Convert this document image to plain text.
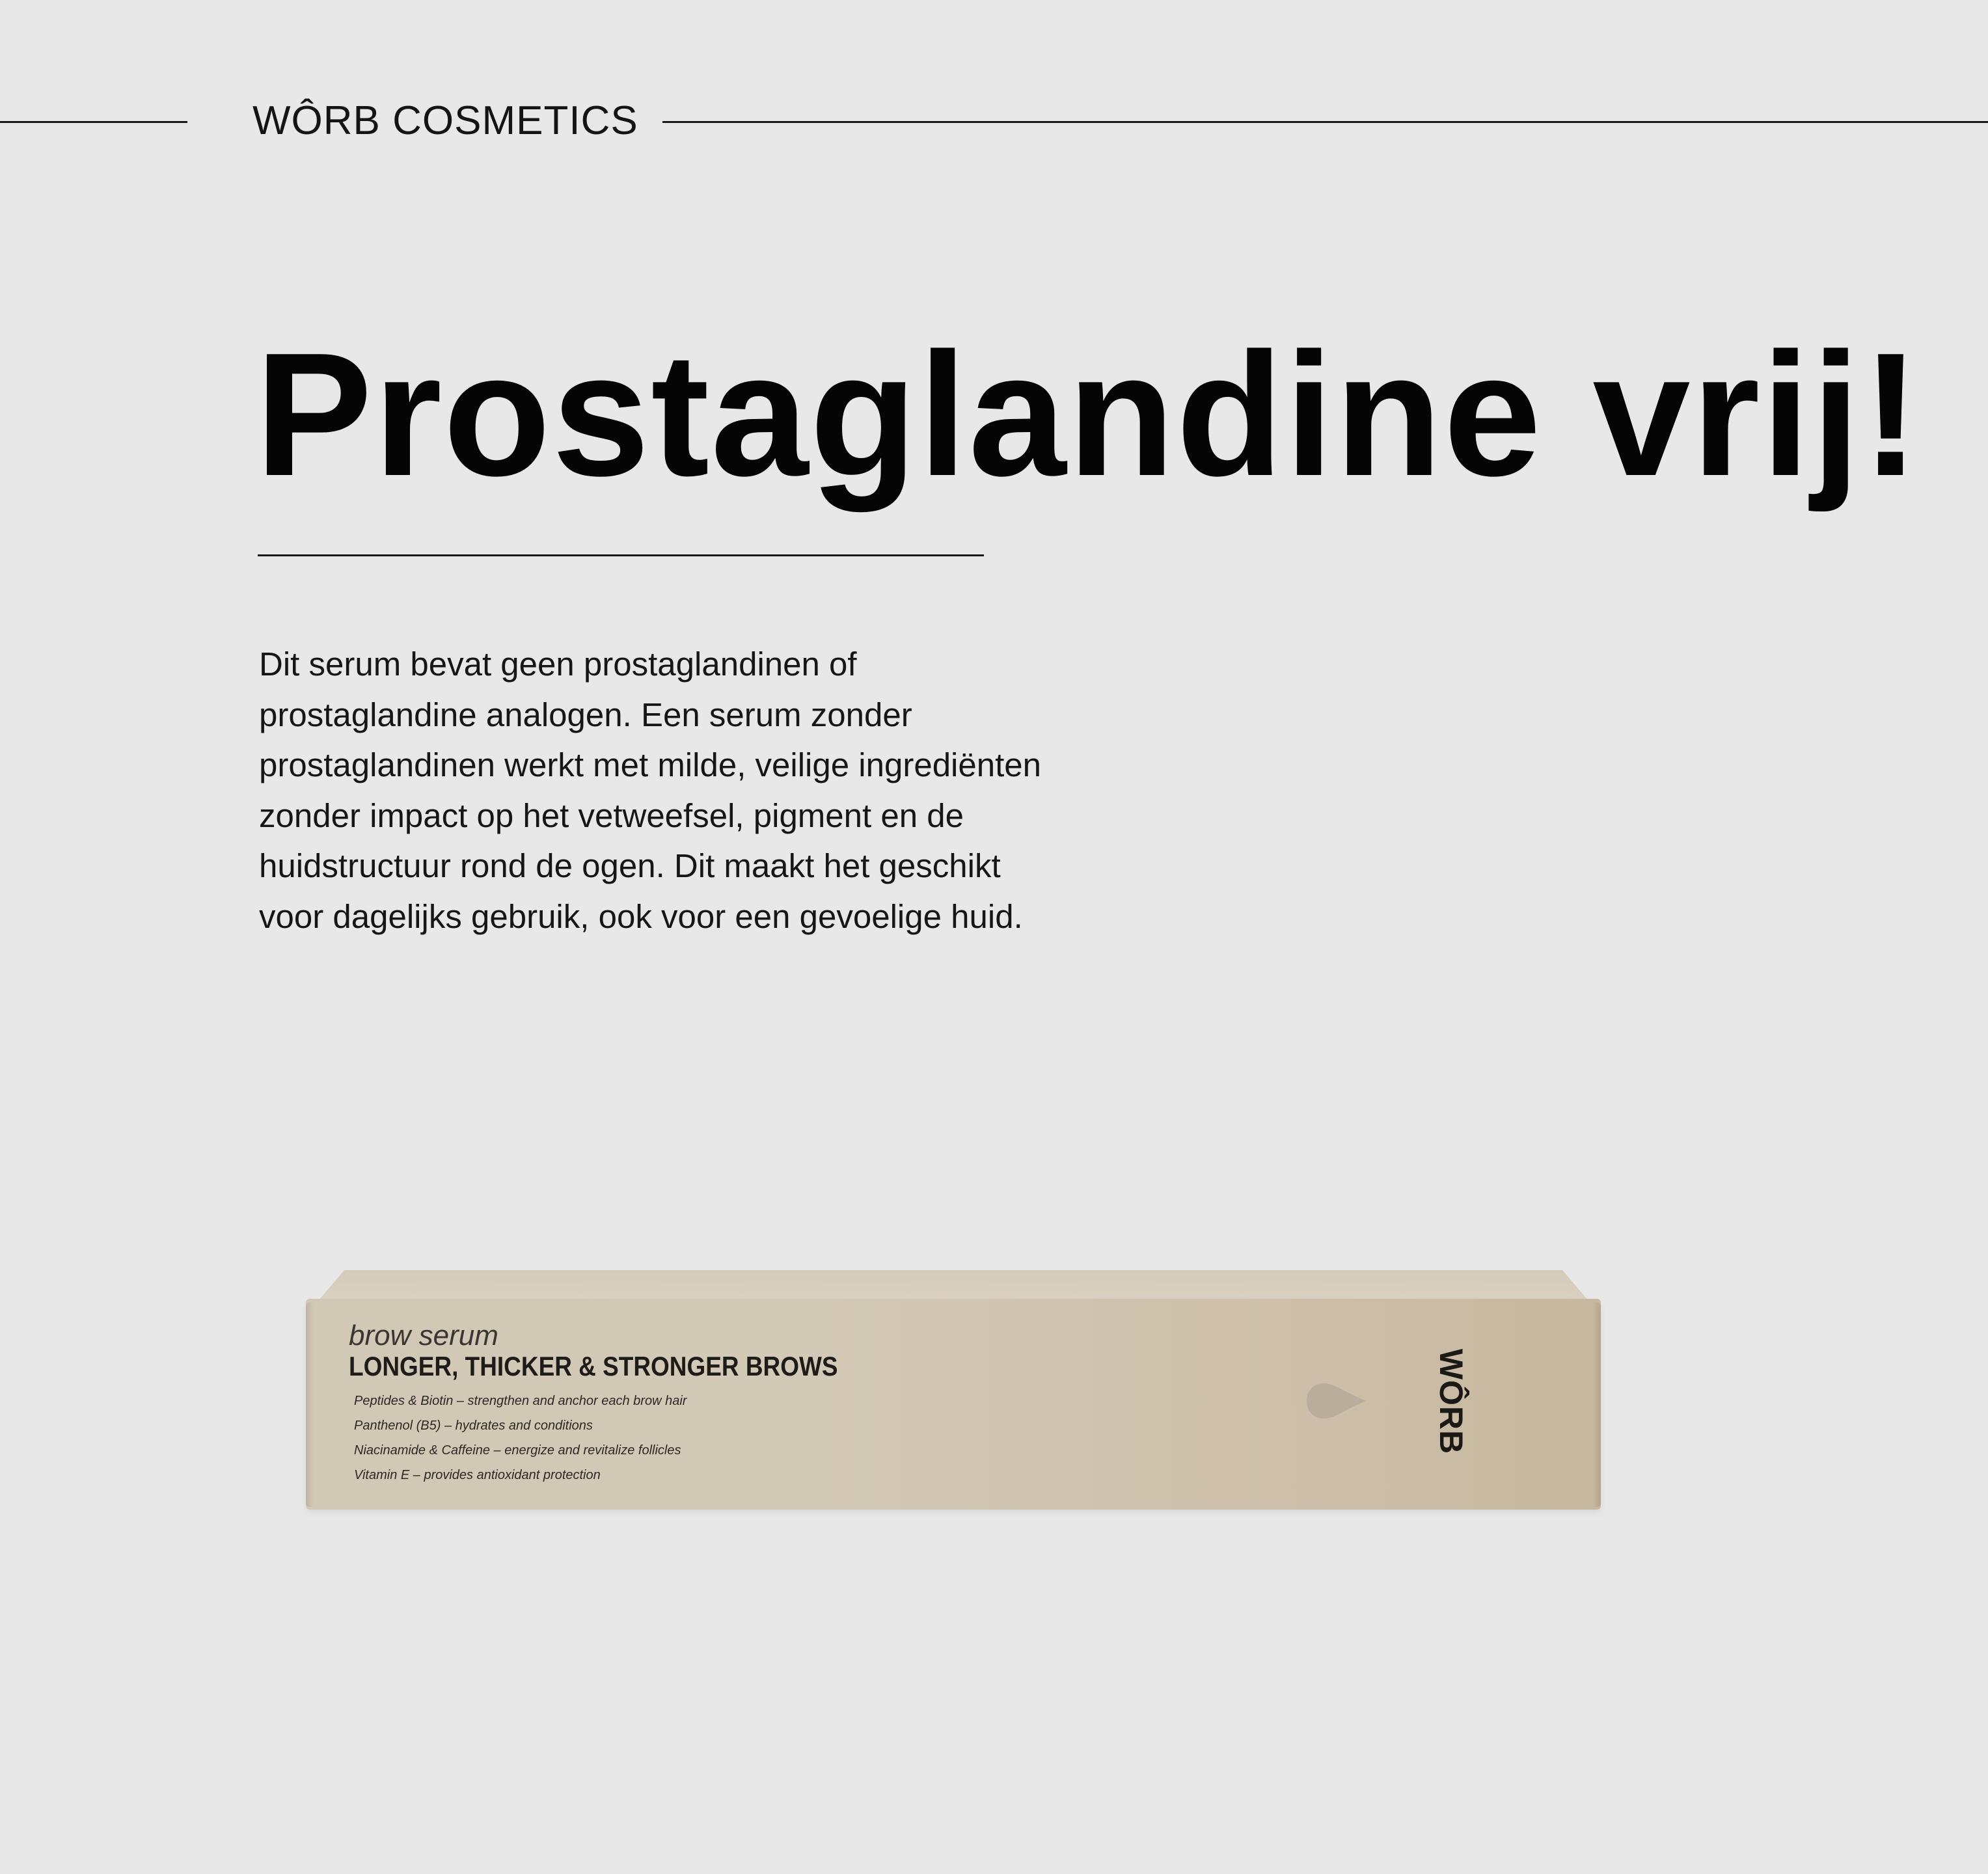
WÔRB COSMETICS
Prostaglandine vrij!

Dit serum bevat geen prostaglandinen of prostaglandine analogen. Een serum zonder prostaglandinen werkt met milde, veilige ingrediënten zonder impact op het vetweefsel, pigment en de huidstructuur rond de ogen. Dit maakt het geschikt voor dagelijks gebruik, ook voor een gevoelige huid.

brow serum
LONGER, THICKER & STRONGER BROWS
Peptides & Biotin – strengthen and anchor each brow hair
Panthenol (B5) – hydrates and conditions
Niacinamide & Caffeine – energize and revitalize follicles
Vitamin E – provides antioxidant protection
WÔRB
